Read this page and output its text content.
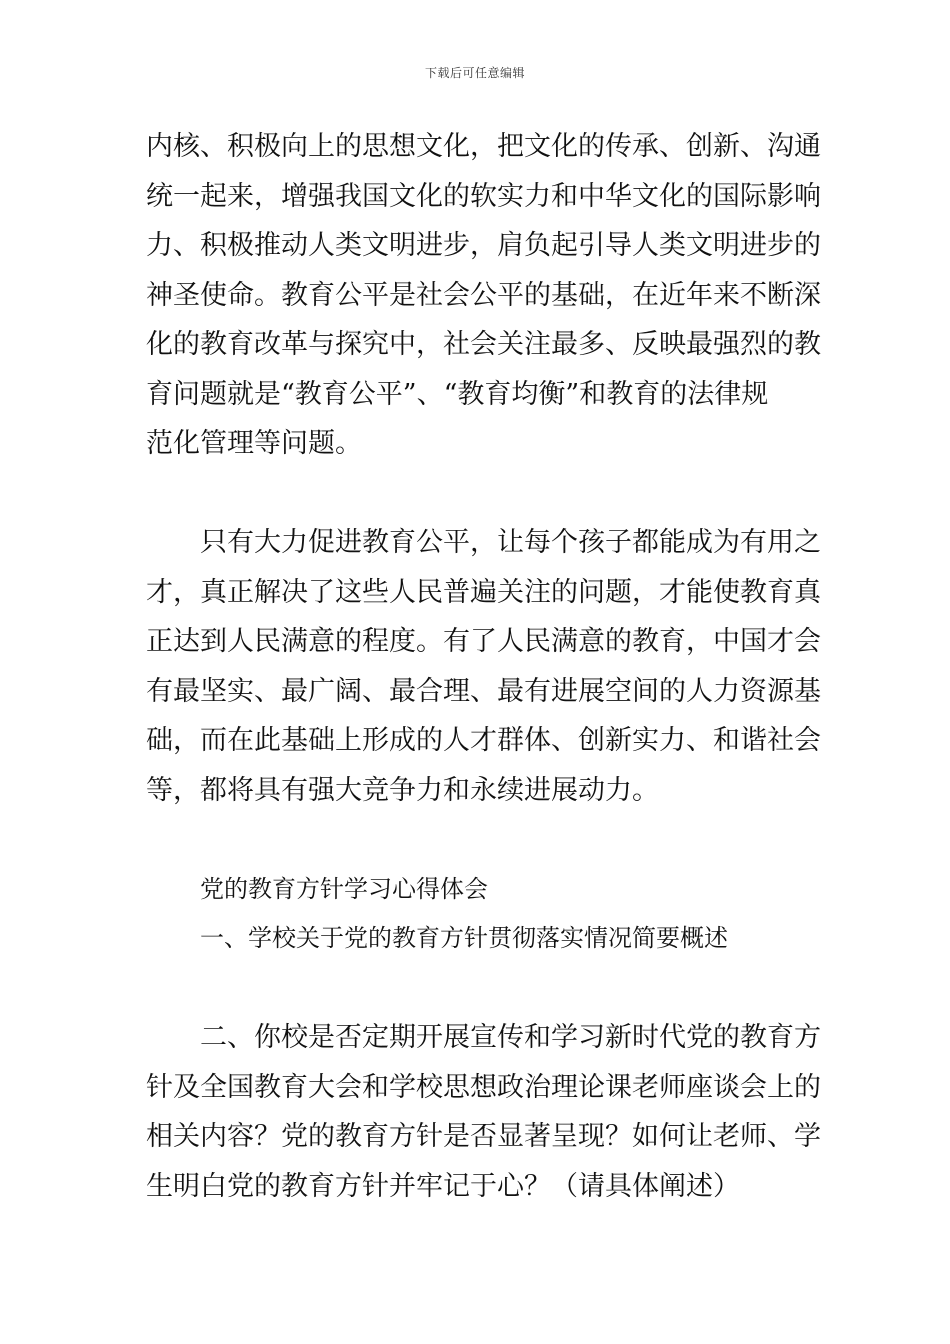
下载后可任意编辑
内核、积极向上的思想文化，把文化的传承、创新、沟通
统一起来，增强我国文化的软实力和中华文化的国际影响
力、积极推动人类文明进步，肩负起引导人类文明进步的
神圣使命。教育公平是社会公平的基础，在近年来不断深
化的教育改革与探究中，社会关注最多、反映最强烈的教
育问题就是“教育公平”、“教育均衡”和教育的法律规
范化管理等问题。
只有大力促进教育公平，让每个孩子都能成为有用之
才，真正解决了这些人民普遍关注的问题，才能使教育真
正达到人民满意的程度。有了人民满意的教育，中国才会
有最坚实、最广阔、最合理、最有进展空间的人力资源基
础，而在此基础上形成的人才群体、创新实力、和谐社会
等，都将具有强大竞争力和永续进展动力。
党的教育方针学习心得体会
一、学校关于党的教育方针贯彻落实情况简要概述
二、你校是否定期开展宣传和学习新时代党的教育方
针及全国教育大会和学校思想政治理论课老师座谈会上的
相关内容？党的教育方针是否显著呈现？如何让老师、学
生明白党的教育方针并牢记于心？（请具体阐述）
